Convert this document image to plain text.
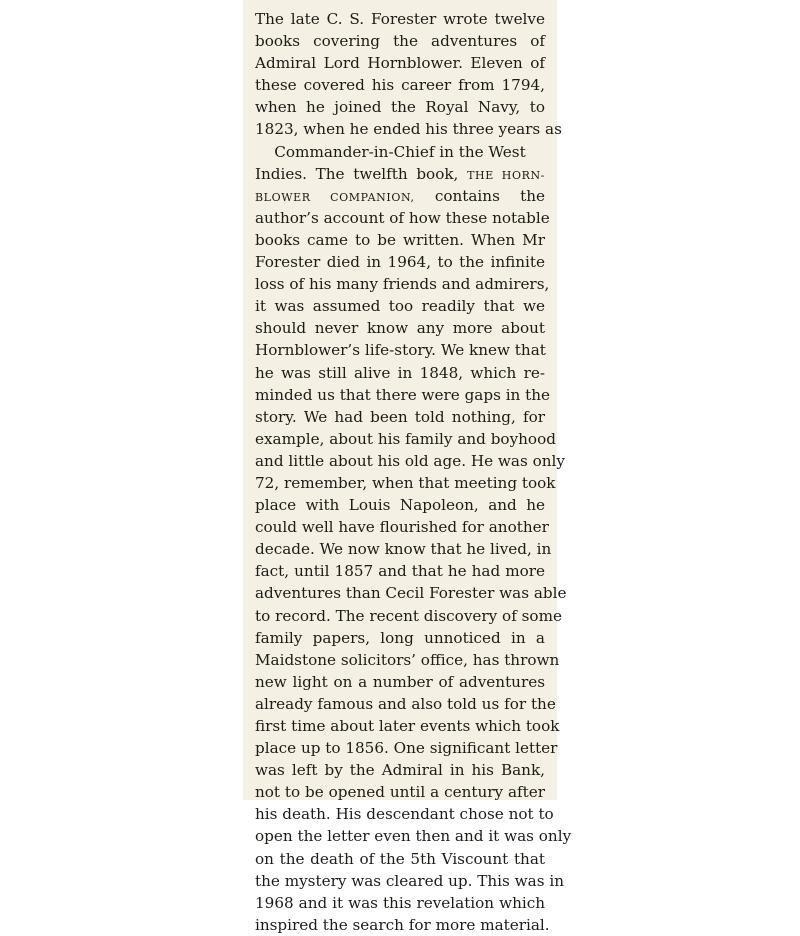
The late C. S. Forester wrote twelve
books covering the adventures of
Admiral Lord Hornblower. Eleven of
these covered his career from 1794,
when he joined the Royal Navy, to
1823, when he ended his three years as
Commander-in-Chief in the West
Indies. The twelfth book, THE HORN-
BLOWER COMPANION, contains the
author’s account of how these notable
books came to be written. When Mr
Forester died in 1964, to the infinite
loss of his many friends and admirers,
it was assumed too readily that we
should never know any more about
Hornblower’s life-story. We knew that
he was still alive in 1848, which re-
minded us that there were gaps in the
story. We had been told nothing, for
example, about his family and boyhood
and little about his old age. He was only
72, remember, when that meeting took
place with Louis Napoleon, and he
could well have flourished for another
decade. We now know that he lived, in
fact, until 1857 and that he had more
adventures than Cecil Forester was able
to record. The recent discovery of some
family papers, long unnoticed in a
Maidstone solicitors’ office, has thrown
new light on a number of adventures
already famous and also told us for the
first time about later events which took
place up to 1856. One significant letter
was left by the Admiral in his Bank,
not to be opened until a century after
his death. His descendant chose not to
open the letter even then and it was only
on the death of the 5th Viscount that
the mystery was cleared up. This was in
1968 and it was this revelation which
inspired the search for more material.
